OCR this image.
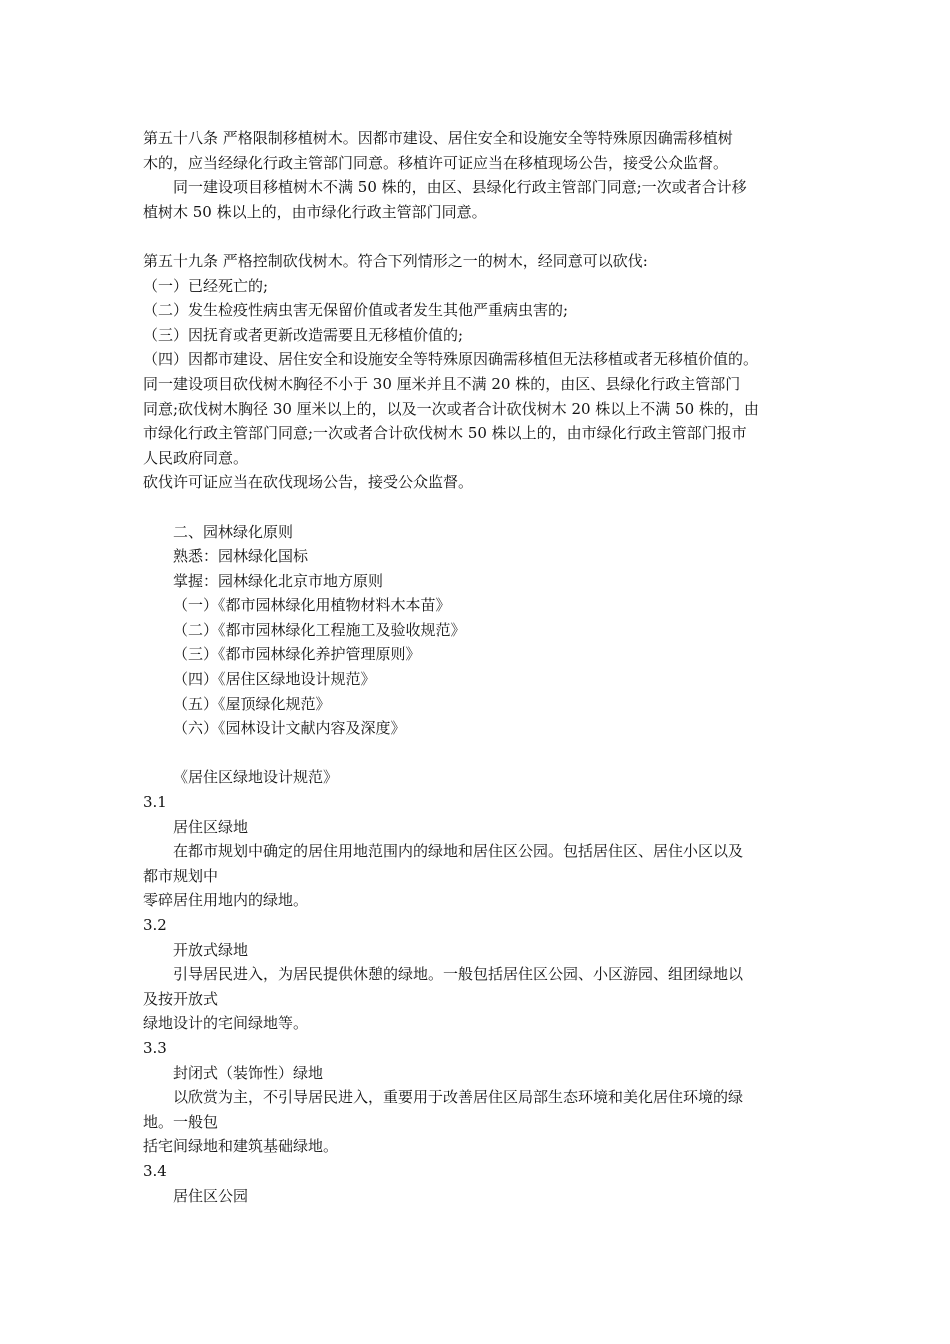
第五十八条 严格限制移植树木。因都市建设、居住安全和设施安全等特殊原因确需移植树
木的，应当经绿化行政主管部门同意。移植许可证应当在移植现场公告，接受公众监督。
同一建设项目移植树木不满 50 株的，由区、县绿化行政主管部门同意;一次或者合计移
植树木 50 株以上的，由市绿化行政主管部门同意。
第五十九条 严格控制砍伐树木。符合下列情形之一的树木，经同意可以砍伐:
（一）已经死亡的;
（二）发生检疫性病虫害无保留价值或者发生其他严重病虫害的;
（三）因抚育或者更新改造需要且无移植价值的;
（四）因都市建设、居住安全和设施安全等特殊原因确需移植但无法移植或者无移植价值的。
同一建设项目砍伐树木胸径不小于 30 厘米并且不满 20 株的，由区、县绿化行政主管部门
同意;砍伐树木胸径 30 厘米以上的，以及一次或者合计砍伐树木 20 株以上不满 50 株的，由
市绿化行政主管部门同意;一次或者合计砍伐树木 50 株以上的，由市绿化行政主管部门报市
人民政府同意。
砍伐许可证应当在砍伐现场公告，接受公众监督。
二、园林绿化原则
熟悉：园林绿化国标
掌握：园林绿化北京市地方原则
（一）《都市园林绿化用植物材料木本苗》
（二）《都市园林绿化工程施工及验收规范》
（三）《都市园林绿化养护管理原则》
（四）《居住区绿地设计规范》
（五）《屋顶绿化规范》
（六）《园林设计文献内容及深度》
《居住区绿地设计规范》
3.1
居住区绿地
在都市规划中确定的居住用地范围内的绿地和居住区公园。包括居住区、居住小区以及
都市规划中
零碎居住用地内的绿地。
3.2
开放式绿地
引导居民进入，为居民提供休憩的绿地。一般包括居住区公园、小区游园、组团绿地以
及按开放式
绿地设计的宅间绿地等。
3.3
封闭式（装饰性）绿地
以欣赏为主，不引导居民进入，重要用于改善居住区局部生态环境和美化居住环境的绿
地。一般包
括宅间绿地和建筑基础绿地。
3.4
居住区公园
